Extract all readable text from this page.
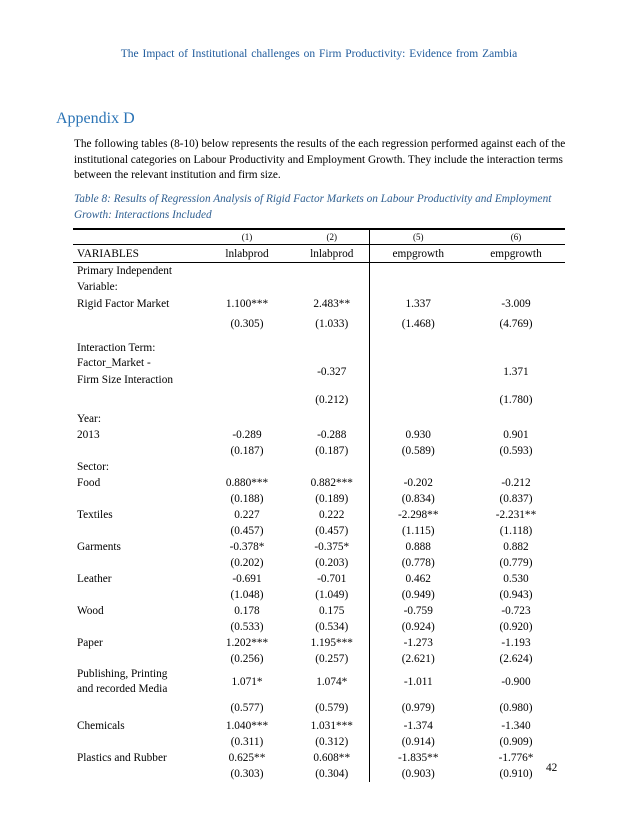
The Impact of Institutional challenges on Firm Productivity: Evidence from Zambia
Appendix D
The following tables (8-10) below represents the results of the each regression performed against each of the institutional categories on Labour Productivity and Employment Growth. They include the interaction terms between the relevant institution and firm size.
Table 8: Results of Regression Analysis of Rigid Factor Markets on Labour Productivity and Employment Growth: Interactions Included
	(1)	(2)	(5)	(6)
VARIABLES	lnlabprod	lnlabprod	empgrowth	empgrowth
Primary Independent				
Variable:				
Rigid Factor Market	1.100***	2.483**	1.337	-3.009
	(0.305)	(1.033)	(1.468)	(4.769)
Interaction Term:				
Factor_Market -
Firm Size Interaction		-0.327		1.371
		(0.212)		(1.780)
Year:				
2013	-0.289	-0.288	0.930	0.901
	(0.187)	(0.187)	(0.589)	(0.593)
Sector:				
Food	0.880***	0.882***	-0.202	-0.212
	(0.188)	(0.189)	(0.834)	(0.837)
Textiles	0.227	0.222	-2.298**	-2.231**
	(0.457)	(0.457)	(1.115)	(1.118)
Garments	-0.378*	-0.375*	0.888	0.882
	(0.202)	(0.203)	(0.778)	(0.779)
Leather	-0.691	-0.701	0.462	0.530
	(1.048)	(1.049)	(0.949)	(0.943)
Wood	0.178	0.175	-0.759	-0.723
	(0.533)	(0.534)	(0.924)	(0.920)
Paper	1.202***	1.195***	-1.273	-1.193
	(0.256)	(0.257)	(2.621)	(2.624)
Publishing, Printing
and recorded Media	1.071*	1.074*	-1.011	-0.900
	(0.577)	(0.579)	(0.979)	(0.980)
Chemicals	1.040***	1.031***	-1.374	-1.340
	(0.311)	(0.312)	(0.914)	(0.909)
Plastics and Rubber	0.625**	0.608**	-1.835**	-1.776*
	(0.303)	(0.304)	(0.903)	(0.910) 42
